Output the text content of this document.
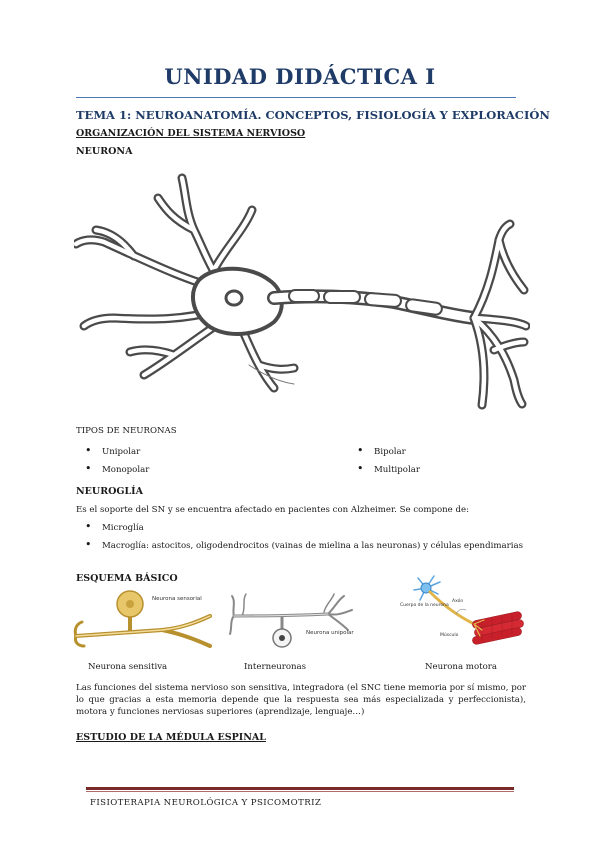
UNIDAD DIDÁCTICA I
TEMA 1: NEUROANATOMÍA. CONCEPTOS, FISIOLOGÍA Y EXPLORACIÓN
ORGANIZACIÓN DEL SISTEMA NERVIOSO
NEURONA
TIPOS DE NEURONAS
• Unipolar
• Monopolar
• Bipolar
• Multipolar
NEUROGLÍA
Es el soporte del SN y se encuentra afectado en pacientes con Alzheimer. Se compone de:
• Microglía
• Macroglía: astocitos, oligodendrocitos (vainas de mielina a las neuronas) y células ependimarias
ESQUEMA BÁSICO
Neurona sensorial
Neurona unipolar
Cuerpo de la neurona
Axón
Músculo
Neurona sensitiva	Interneuronas	Neurona motora
Las funciones del sistema nervioso son sensitiva, integradora (el SNC tiene memoria por sí mismo, por lo que gracias a esta memoria depende que la respuesta sea más especializada y perfeccionista), motora y funciones nerviosas superiores (aprendizaje, lenguaje…)
ESTUDIO DE LA MÉDULA ESPINAL
FISIOTERAPIA NEUROLÓGICA Y PSICOMOTRIZ
